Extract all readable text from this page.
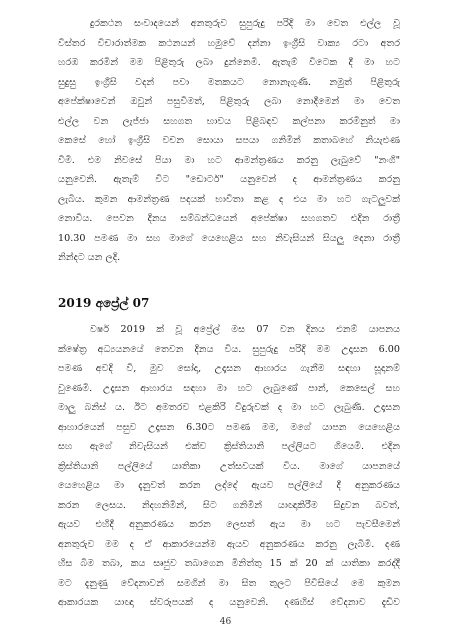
දුරකථන සංවාදයෙන් අනතුරුව සුපුරුදු පරිදි මා වෙත එල්ල වූ
විස්තර විචාරාත්මක කථනයන් හමුවේ දන්නා ඉංග්‍රීසි වාක්‍ය රටා අතර
හරඹ කරමින් මම පිළිතුරු ලබා දුන්නෙමි. ඇතැම් විටෙක දී මා හට
සුදුසු ඉංග්‍රීසි වදන් පවා මතකයට නොනැගුණි. නමුත් පිළිතුරු
අපේක්ෂාවෙන් ඔවුන් පසුවීමත්, පිළිතුරු ලබා නොදීමෙන් මා වෙත
එල්ල වන ලැජ්ජා සහගත භාවය පිළිබඳව කල්පනා කරමිනුත් මා
කෙසේ හෝ ඉංග්‍රීසි වචන සොයා සපයා ගනිමින් කතාබහේ නියැළුණ
වීමි. එම නිවසේ පියා මා හට ආමන්ත්‍රණය කරනු ලැබුවේ "නංගි"
යනුවෙනි. ඇතැම් විට "ඩොටර්" යනුවෙන් ද ආමන්ත්‍රණය කරනු
ලැබීය. කුමන ආමන්ත්‍රණ පදයක් භාවිතා කළ ද එය මා හට ගැටලුවක්
නොවීය. පෙවන දිනය සම්බන්ධයෙන් අපේක්ෂා සහගතව එදින රාත්‍රී
10.30 පමණ මා සහ මාගේ යෙහෙළිය සහ නිවැසියන් සියලු දෙනා රාත්‍රී
නින්දට යන ලදි.
2019 අප්‍රේල් 07
වර්ෂ 2019 ක් වූ අප්‍රේල් මස 07 වන දිනය එනම් යාපනය
ක්ෂේත්‍ර අධ්‍යයනයේ තෙවන දිනය විය. සුපුරුදු පරිදි මම උදෑසන 6.00
පමණ අවදි වී, මුව සෝදා, උදෑසන ආහාරය ගැනීම සඳහා සූදානම්
වුණෙමි. උදෑසන ආහාරය සඳහා මා හට ලැබුණේ පාන්, කෙසෙල් සහ
මාලු බනිස් ය. ඊට අමතරව එළකිරි වීදුරුවක් ද මා හට ලැබුණි. උදෑසන
ආහාරයෙන් පසුව උදෑසන 6.30ට පමණ මම, මගේ යාපන යෙහෙළිය
සහ ඇගේ නිවැසියන් එක්ව ක්‍රිස්තියානි පල්ලියට ගියෙමි. එදින
ක්‍රිස්තියානි පල්ලියේ යාතිකා උත්සවයක් විය. මාගේ යාපනයේ
යෙහෙළිය මා දැනුවත් කරන ලද්දේ ඇයව පල්ලියේ දී අනුකරණය
කරන ලෙසය. නිදහනිමින්, සිට ගනිමින් යාඥාකිරීම සිදුවන බවත්,
ඇයව එහිදී අනුකරණය කරන ලෙසත් ඇය මා හට පැවසීමෙන්
අනතුරුව මම ද ඒ ආකාරයෙන්ම ඇයව අනුකරණය කරනු ලැබීමි. දණ
හිස බිම තබා, කය සෘජුව තබාගෙන මිනිත්තු 15 ක් 20 ක් යාතිකා කරද්දී
මට දැනුණු වේදනාවන් සමගින් මා සිත තුලට පිවිසියේ මෙ කුමන
ආකාරයක යාඥා ස්වරූපයක් ද යනුවෙනි. දණහිස් වේදනාව දැඩිව
46
